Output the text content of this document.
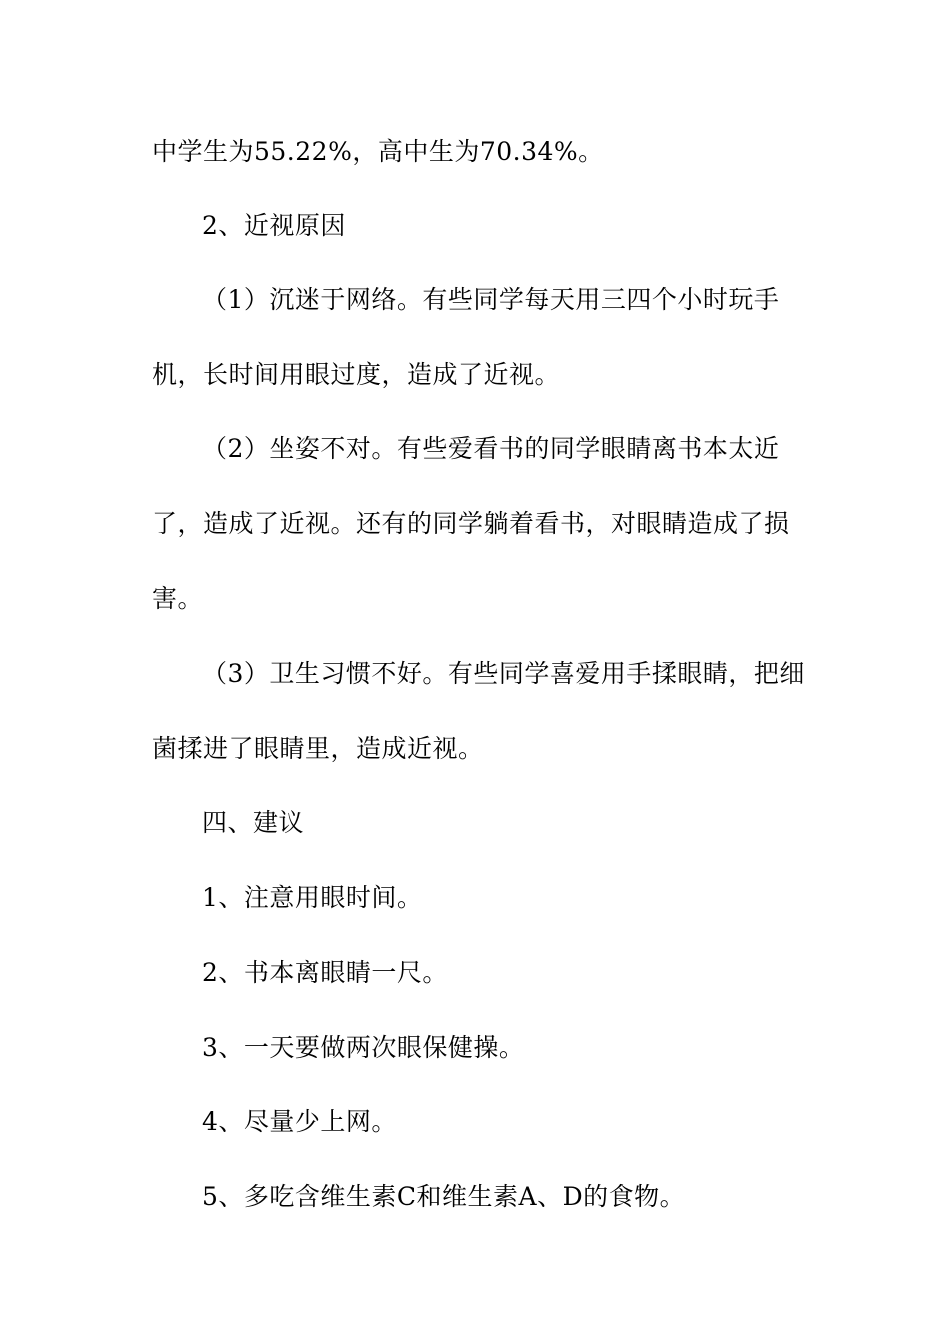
中学生为55.22%，高中生为70.34%。
2、近视原因
（1）沉迷于网络。有些同学每天用三四个小时玩手
机，长时间用眼过度，造成了近视。
（2）坐姿不对。有些爱看书的同学眼睛离书本太近
了，造成了近视。还有的同学躺着看书，对眼睛造成了损
害。
（3）卫生习惯不好。有些同学喜爱用手揉眼睛，把细
菌揉进了眼睛里，造成近视。
四、建议
1、注意用眼时间。
2、书本离眼睛一尺。
3、一天要做两次眼保健操。
4、尽量少上网。
5、多吃含维生素C和维生素A、D的食物。
